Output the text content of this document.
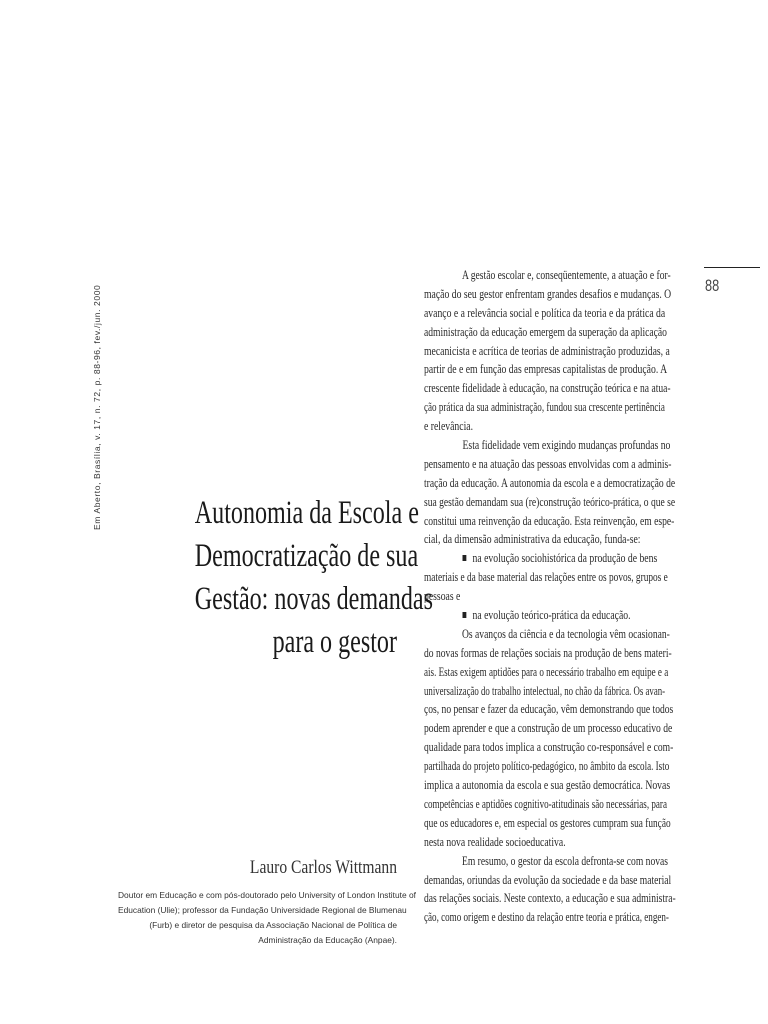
Em Aberto, Brasília, v. 17, n. 72, p. 88-96, fev./jun. 2000	88
Autonomia da Escola e
Democratização de sua
Gestão: novas demandas
para o gestor
Lauro Carlos Wittmann
Doutor em Educação e com pós-doutorado pelo University of London Institute of
Education (Ulie); professor da Fundação Universidade Regional de Blumenau
(Furb) e diretor de pesquisa da Associação Nacional de Política de
Administração da Educação (Anpae).
A gestão escolar e, conseqüentemente, a atuação e for-
mação do seu gestor enfrentam grandes desafios e mudanças. O
avanço e a relevância social e política da teoria e da prática da
administração da educação emergem da superação da aplicação
mecanicista e acrítica de teorias de administração produzidas, a
partir de e em função das empresas capitalistas de produção. A
crescente fidelidade à educação, na construção teórica e na atua-
ção prática da sua administração, fundou sua crescente pertinência
e relevância.
Esta fidelidade vem exigindo mudanças profundas no
pensamento e na atuação das pessoas envolvidas com a adminis-
tração da educação. A autonomia da escola e a democratização de
sua gestão demandam sua (re)construção teórico-prática, o que se
constitui uma reinvenção da educação. Esta reinvenção, em espe-
cial, da dimensão administrativa da educação, funda-se:
na evolução sociohistórica da produção de bens
materiais e da base material das relações entre os povos, grupos e
pessoas e
na evolução teórico-prática da educação.
Os avanços da ciência e da tecnologia vêm ocasionan-
do novas formas de relações sociais na produção de bens materi-
ais. Estas exigem aptidões para o necessário trabalho em equipe e a
universalização do trabalho intelectual, no chão da fábrica. Os avan-
ços, no pensar e fazer da educação, vêm demonstrando que todos
podem aprender e que a construção de um processo educativo de
qualidade para todos implica a construção co-responsável e com-
partilhada do projeto político-pedagógico, no âmbito da escola. Isto
implica a autonomia da escola e sua gestão democrática. Novas
competências e aptidões cognitivo-atitudinais são necessárias, para
que os educadores e, em especial os gestores cumpram sua função
nesta nova realidade socioeducativa.
Em resumo, o gestor da escola defronta-se com novas
demandas, oriundas da evolução da sociedade e da base material
das relações sociais. Neste contexto, a educação e sua administra-
ção, como origem e destino da relação entre teoria e prática, engen-
